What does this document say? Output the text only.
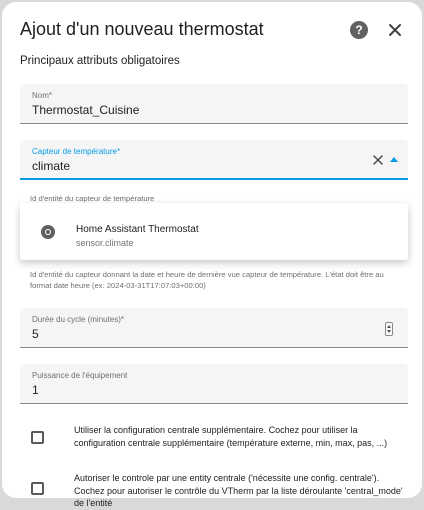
Ajout d'un nouveau thermostat	?
Principaux attributs obligatoires
Nom*
Thermostat_Cuisine
Capteur de température*
climate
Id d'entité du capteur de température
Home Assistant Thermostat
sensor.climate
Id d'entité du capteur donnant la date et heure de dernière vue capteur de température. L'état doit être au format date heure (ex: 2024-03-31T17:07:03+00:00)
Durée du cycle (minutes)*
5
Puissance de l'équipement
1
Utiliser la configuration centrale supplémentaire. Cochez pour utiliser la configuration centrale supplémentaire (température externe, min, max, pas, ...)
Autoriser le controle par une entity centrale ('nécessite une config. centrale'). Cochez pour autoriser le contrôle du VTherm par la liste déroulante 'central_mode' de l'entité
